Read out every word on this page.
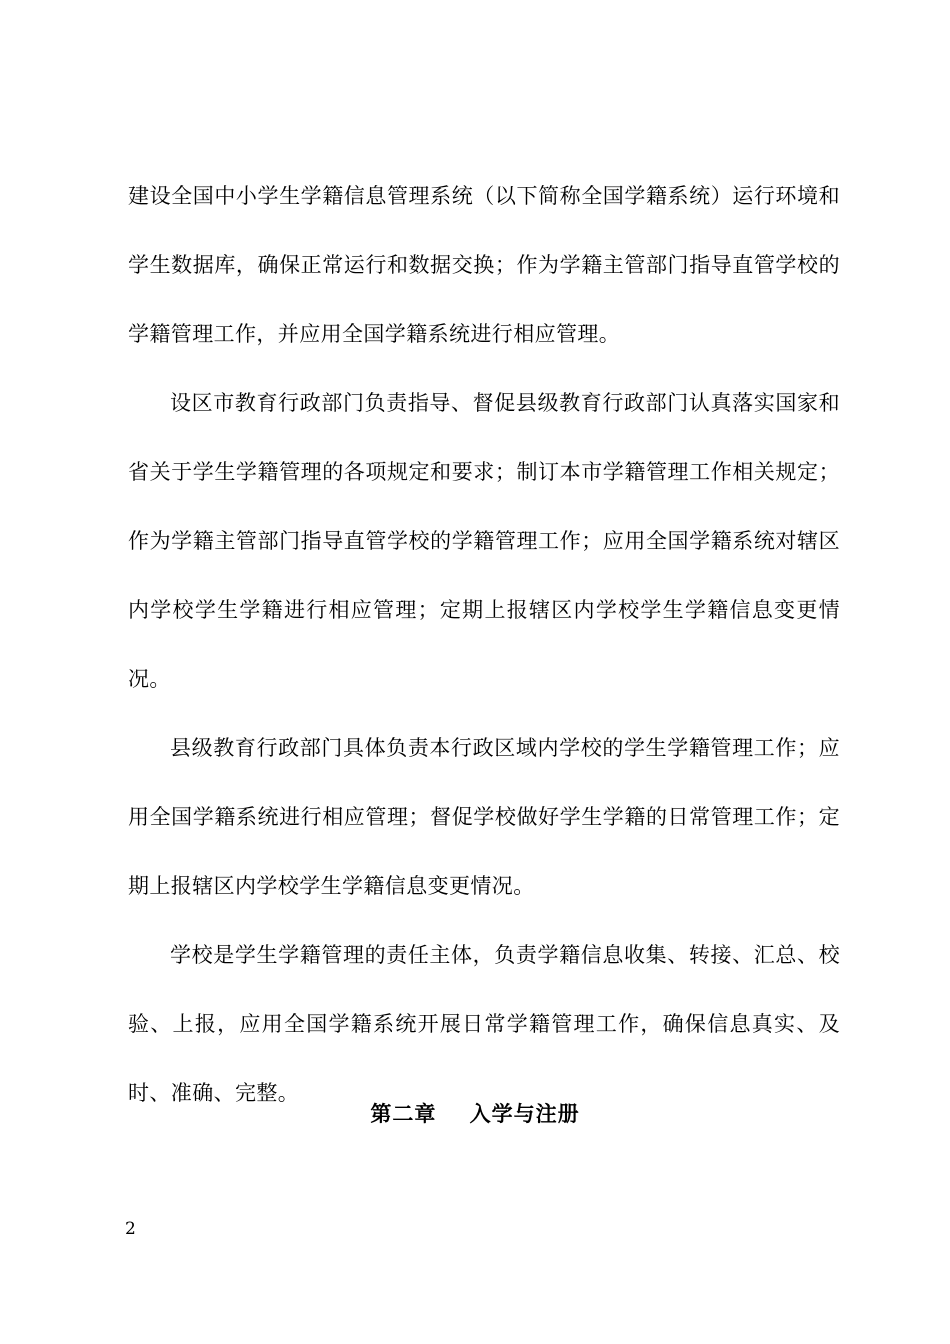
建设全国中小学生学籍信息管理系统（以下简称全国学籍系统）运行环境和学生数据库，确保正常运行和数据交换；作为学籍主管部门指导直管学校的学籍管理工作，并应用全国学籍系统进行相应管理。

设区市教育行政部门负责指导、督促县级教育行政部门认真落实国家和省关于学生学籍管理的各项规定和要求；制订本市学籍管理工作相关规定；作为学籍主管部门指导直管学校的学籍管理工作；应用全国学籍系统对辖区内学校学生学籍进行相应管理；定期上报辖区内学校学生学籍信息变更情况。

县级教育行政部门具体负责本行政区域内学校的学生学籍管理工作；应用全国学籍系统进行相应管理；督促学校做好学生学籍的日常管理工作；定期上报辖区内学校学生学籍信息变更情况。

学校是学生学籍管理的责任主体，负责学籍信息收集、转接、汇总、校验、上报，应用全国学籍系统开展日常学籍管理工作，确保信息真实、及时、准确、完整。

第二章    入学与注册
2
